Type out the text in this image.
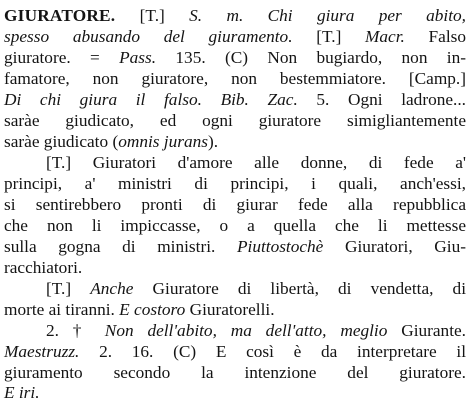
GIURATORE. [T.] S. m. Chi giura per abito,
spesso abusando del giuramento. [T.] Macr. Falso
giuratore. = Pass. 135. (C) Non bugiardo, non in-
famatore, non giuratore, non bestemmiatore. [Camp.]
Di chi giura il falso. Bib. Zac. 5. Ogni ladrone...
saràe giudicato, ed ogni giuratore simigliantemente
saràe giudicato (omnis jurans).
[T.] Giuratori d'amore alle donne, di fede a'
principi, a' ministri di principi, i quali, anch'essi,
si sentirebbero pronti di giurar fede alla repubblica
che non li impiccasse, o a quella che li mettesse
sulla gogna di ministri. Piuttostochè Giuratori, Giu-
racchiatori.
[T.] Anche Giuratore di libertà, di vendetta, di
morte ai tiranni. E costoro Giuratorelli.
2. † Non dell'abito, ma dell'atto, meglio Giurante.
Maestruzz. 2. 16. (C) E così è da interpretare il
giuramento secondo la intenzione del giuratore.
E iri.
